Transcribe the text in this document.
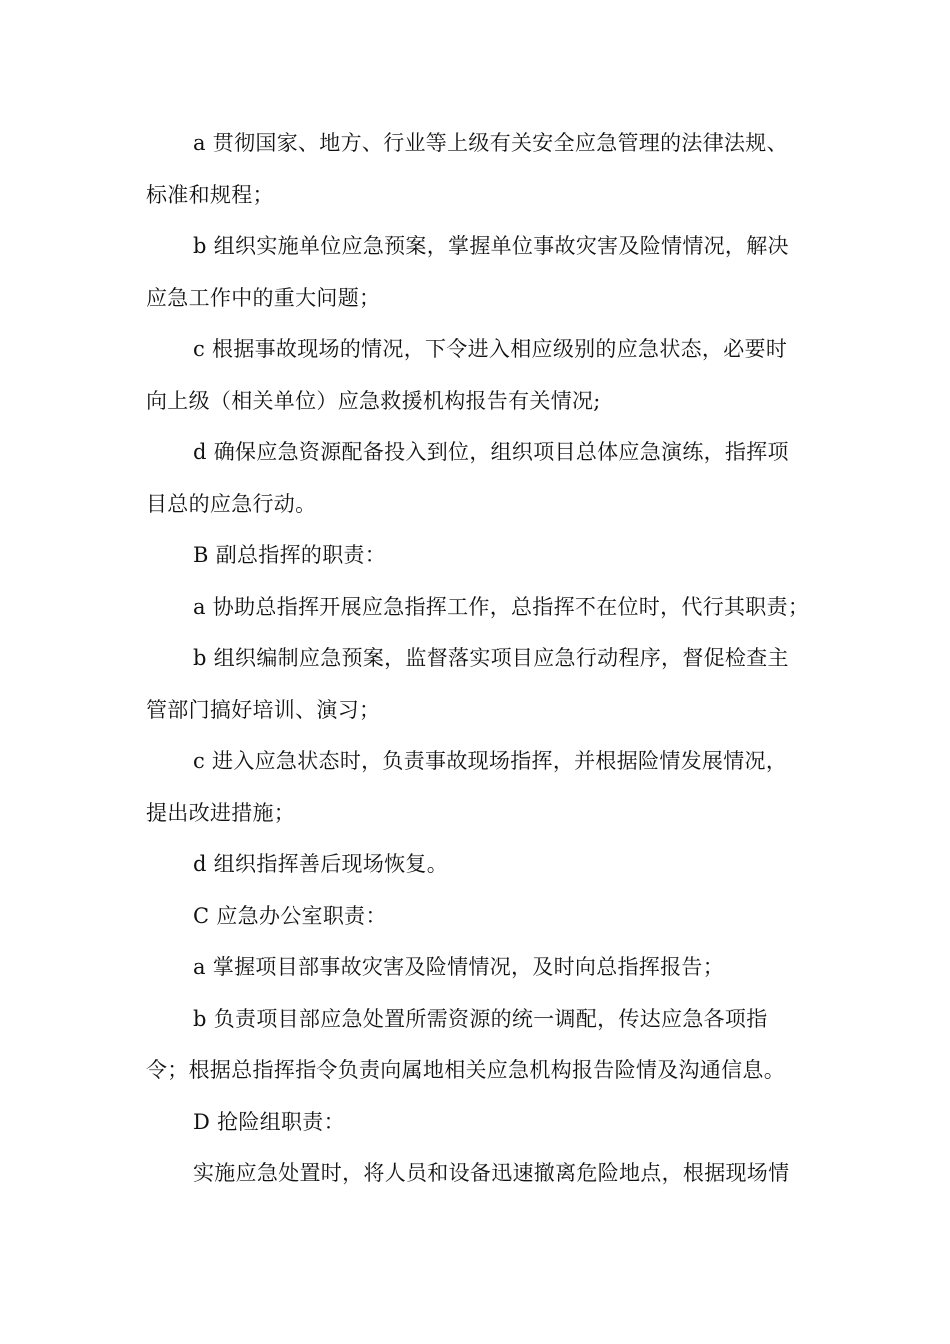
a 贯彻国家、地方、行业等上级有关安全应急管理的法律法规、
标准和规程；
b 组织实施单位应急预案，掌握单位事故灾害及险情情况，解决
应急工作中的重大问题；
c 根据事故现场的情况，下令进入相应级别的应急状态，必要时
向上级（相关单位）应急救援机构报告有关情况;
d 确保应急资源配备投入到位，组织项目总体应急演练，指挥项
目总的应急行动。
B 副总指挥的职责：
a 协助总指挥开展应急指挥工作，总指挥不在位时，代行其职责；
b 组织编制应急预案，监督落实项目应急行动程序，督促检查主
管部门搞好培训、演习；
c 进入应急状态时，负责事故现场指挥，并根据险情发展情况，
提出改进措施；
d 组织指挥善后现场恢复。
C 应急办公室职责：
a 掌握项目部事故灾害及险情情况，及时向总指挥报告；
b 负责项目部应急处置所需资源的统一调配，传达应急各项指
令；根据总指挥指令负责向属地相关应急机构报告险情及沟通信息。
D 抢险组职责：
实施应急处置时，将人员和设备迅速撤离危险地点，根据现场情
